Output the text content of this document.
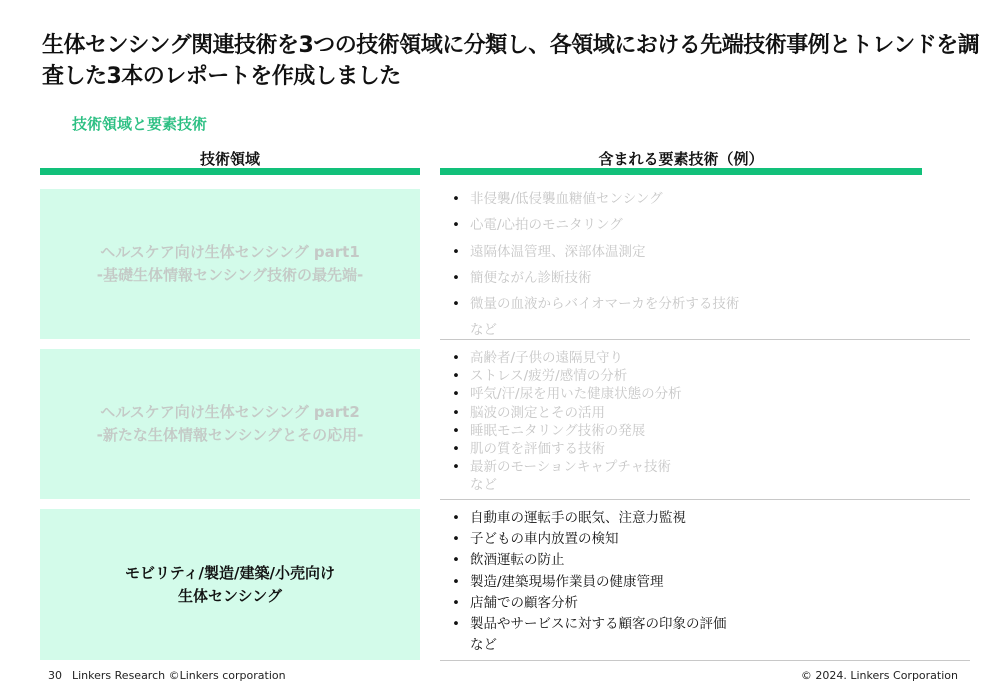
生体センシング関連技術を3つの技術領域に分類し、各領域における先端技術事例とトレンドを調査した3本のレポートを作成しました
技術領域と要素技術
技術領域	含まれる要素技術（例）
ヘルスケア向け生体センシング part1
-基礎生体情報センシング技術の最先端-
• 非侵襲/低侵襲血糖値センシング
• 心電/心拍のモニタリング
• 遠隔体温管理、深部体温測定
• 簡便ながん診断技術
• 微量の血液からバイオマーカを分析する技術
など
ヘルスケア向け生体センシング part2
-新たな生体情報センシングとその応用-
• 高齢者/子供の遠隔見守り
• ストレス/疲労/感情の分析
• 呼気/汗/尿を用いた健康状態の分析
• 脳波の測定とその活用
• 睡眠モニタリング技術の発展
• 肌の質を評価する技術
• 最新のモーションキャプチャ技術
など
モビリティ/製造/建築/小売向け
生体センシング
• 自動車の運転手の眠気、注意力監視
• 子どもの車内放置の検知
• 飲酒運転の防止
• 製造/建築現場作業員の健康管理
• 店舗での顧客分析
• 製品やサービスに対する顧客の印象の評価
など
30 Linkers Research ©Linkers corporation	© 2024. Linkers Corporation
